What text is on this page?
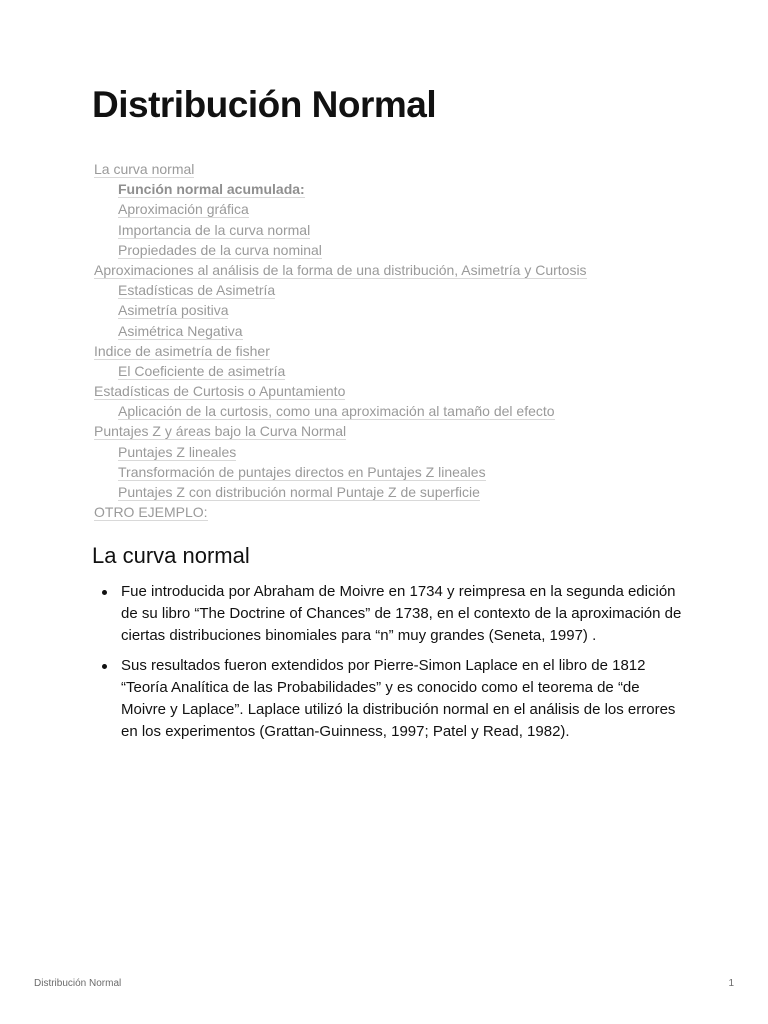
Distribución Normal
La curva normal
Función normal acumulada:
Aproximación gráfica
Importancia de la curva normal
Propiedades de la curva nominal
Aproximaciones al análisis de la forma de una distribución, Asimetría y Curtosis
Estadísticas de Asimetría
Asimetría positiva
Asimétrica Negativa
Indice de asimetría de fisher
El Coeficiente de asimetría
Estadísticas de Curtosis o Apuntamiento
Aplicación de la curtosis, como una aproximación al tamaño del efecto
Puntajes Z y áreas bajo la Curva Normal
Puntajes Z lineales
Transformación de puntajes directos en Puntajes Z lineales
Puntajes Z con distribución normal Puntaje Z de superficie
OTRO EJEMPLO:
La curva normal
Fue introducida por Abraham de Moivre en 1734 y reimpresa en la segunda edición de su libro “The Doctrine of Chances” de 1738, en el contexto de la aproximación de ciertas distribuciones binomiales para “n” muy grandes (Seneta, 1997) .
Sus resultados fueron extendidos por Pierre-Simon Laplace en el libro de 1812 “Teoría Analítica de las Probabilidades” y es conocido como el teorema de “de Moivre y Laplace”. Laplace utilizó la distribución normal en el análisis de los errores en los experimentos (Grattan-Guinness, 1997; Patel y Read, 1982).
Distribución Normal	1
